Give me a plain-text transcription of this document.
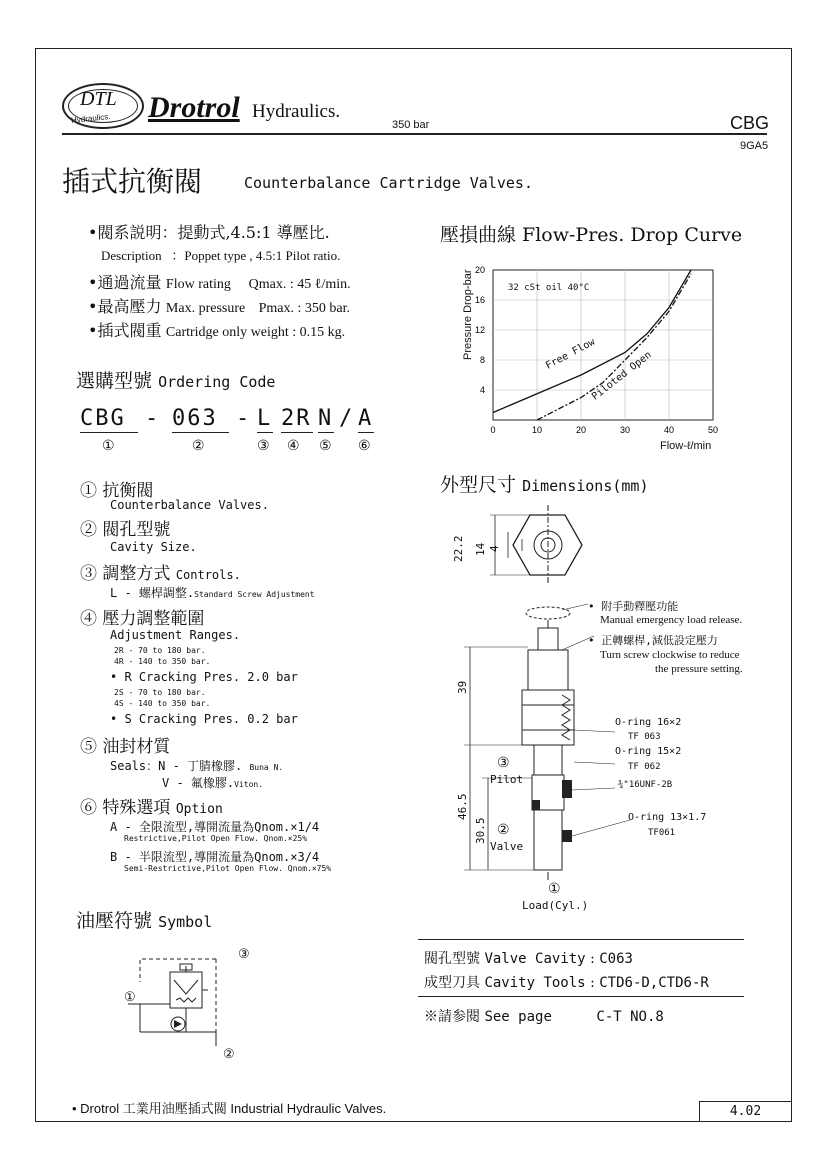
DTL
Hydraulics. Drotrol Hydraulics.
350 bar	CBG
9GA5
插式抗衡閥	Counterbalance Cartridge Valves.
•閥系説明：提動式,4.5:1 導壓比.
Description ：Poppet type , 4.5:1 Pilot ratio.
•通過流量 Flow rating Qmax. : 45 ℓ/min.
•最高壓力 Max. pressure Pmax. : 350 bar.
•插式閥重 Cartridge only weight : 0.15 kg.
選購型號 Ordering Code
CBG - 063 - L 2R N / A
①	②	③ ④ ⑤ ⑥
① 抗衡閥
Counterbalance Valves.
② 閥孔型號
Cavity Size.
③ 調整方式 Controls.
L - 螺桿調整.Standard Screw Adjustment
④ 壓力調整範圍
Adjustment Ranges.
2R - 70 to 180 bar.
4R - 140 to 350 bar.
• R Cracking Pres. 2.0 bar
2S - 70 to 180 bar.
4S - 140 to 350 bar.
• S Cracking Pres. 0.2 bar
⑤ 油封材質
Seals：N - 丁腈橡膠. Buna N.
V - 氟橡膠.Viton.
⑥ 特殊選項 Option
A - 全限流型,導開流量為Qnom.×1/4
Restrictive,Pilot Open Flow. Qnom.×25%
B - 半限流型,導開流量為Qnom.×3/4
Semi-Restrictive,Pilot Open Flow. Qnom.×75%
油壓符號 Symbol
③
①
②
壓損曲線 Flow-Pres. Drop Curve
0	10	20	30	40	50
4
8
12
16
20
Pressure Drop-bar
Flow-ℓ/min
32 cSt oil 40°C
Free Flow
Piloted Open
外型尺寸 Dimensions(mm)
22.2 14 4
39
46.5
30.5
• 附手動釋壓功能
Manual emergency load release.
• 正轉螺桿,減低設定壓力
Turn screw clockwise to reduce
the pressure setting.
O-ring 16×2
TF 063
O-ring 15×2
TF 062
¾"16UNF-2B
O-ring 13×1.7
TF061
③
Pilot
②
Valve
①
Load(Cyl.)
閥孔型號 Valve Cavity : C063
成型刀具 Cavity Tools : CTD6-D,CTD6-R
※請参閱 See page	C-T NO.8
• Drotrol 工業用油壓插式閥 Industrial Hydraulic Valves.	4.02
